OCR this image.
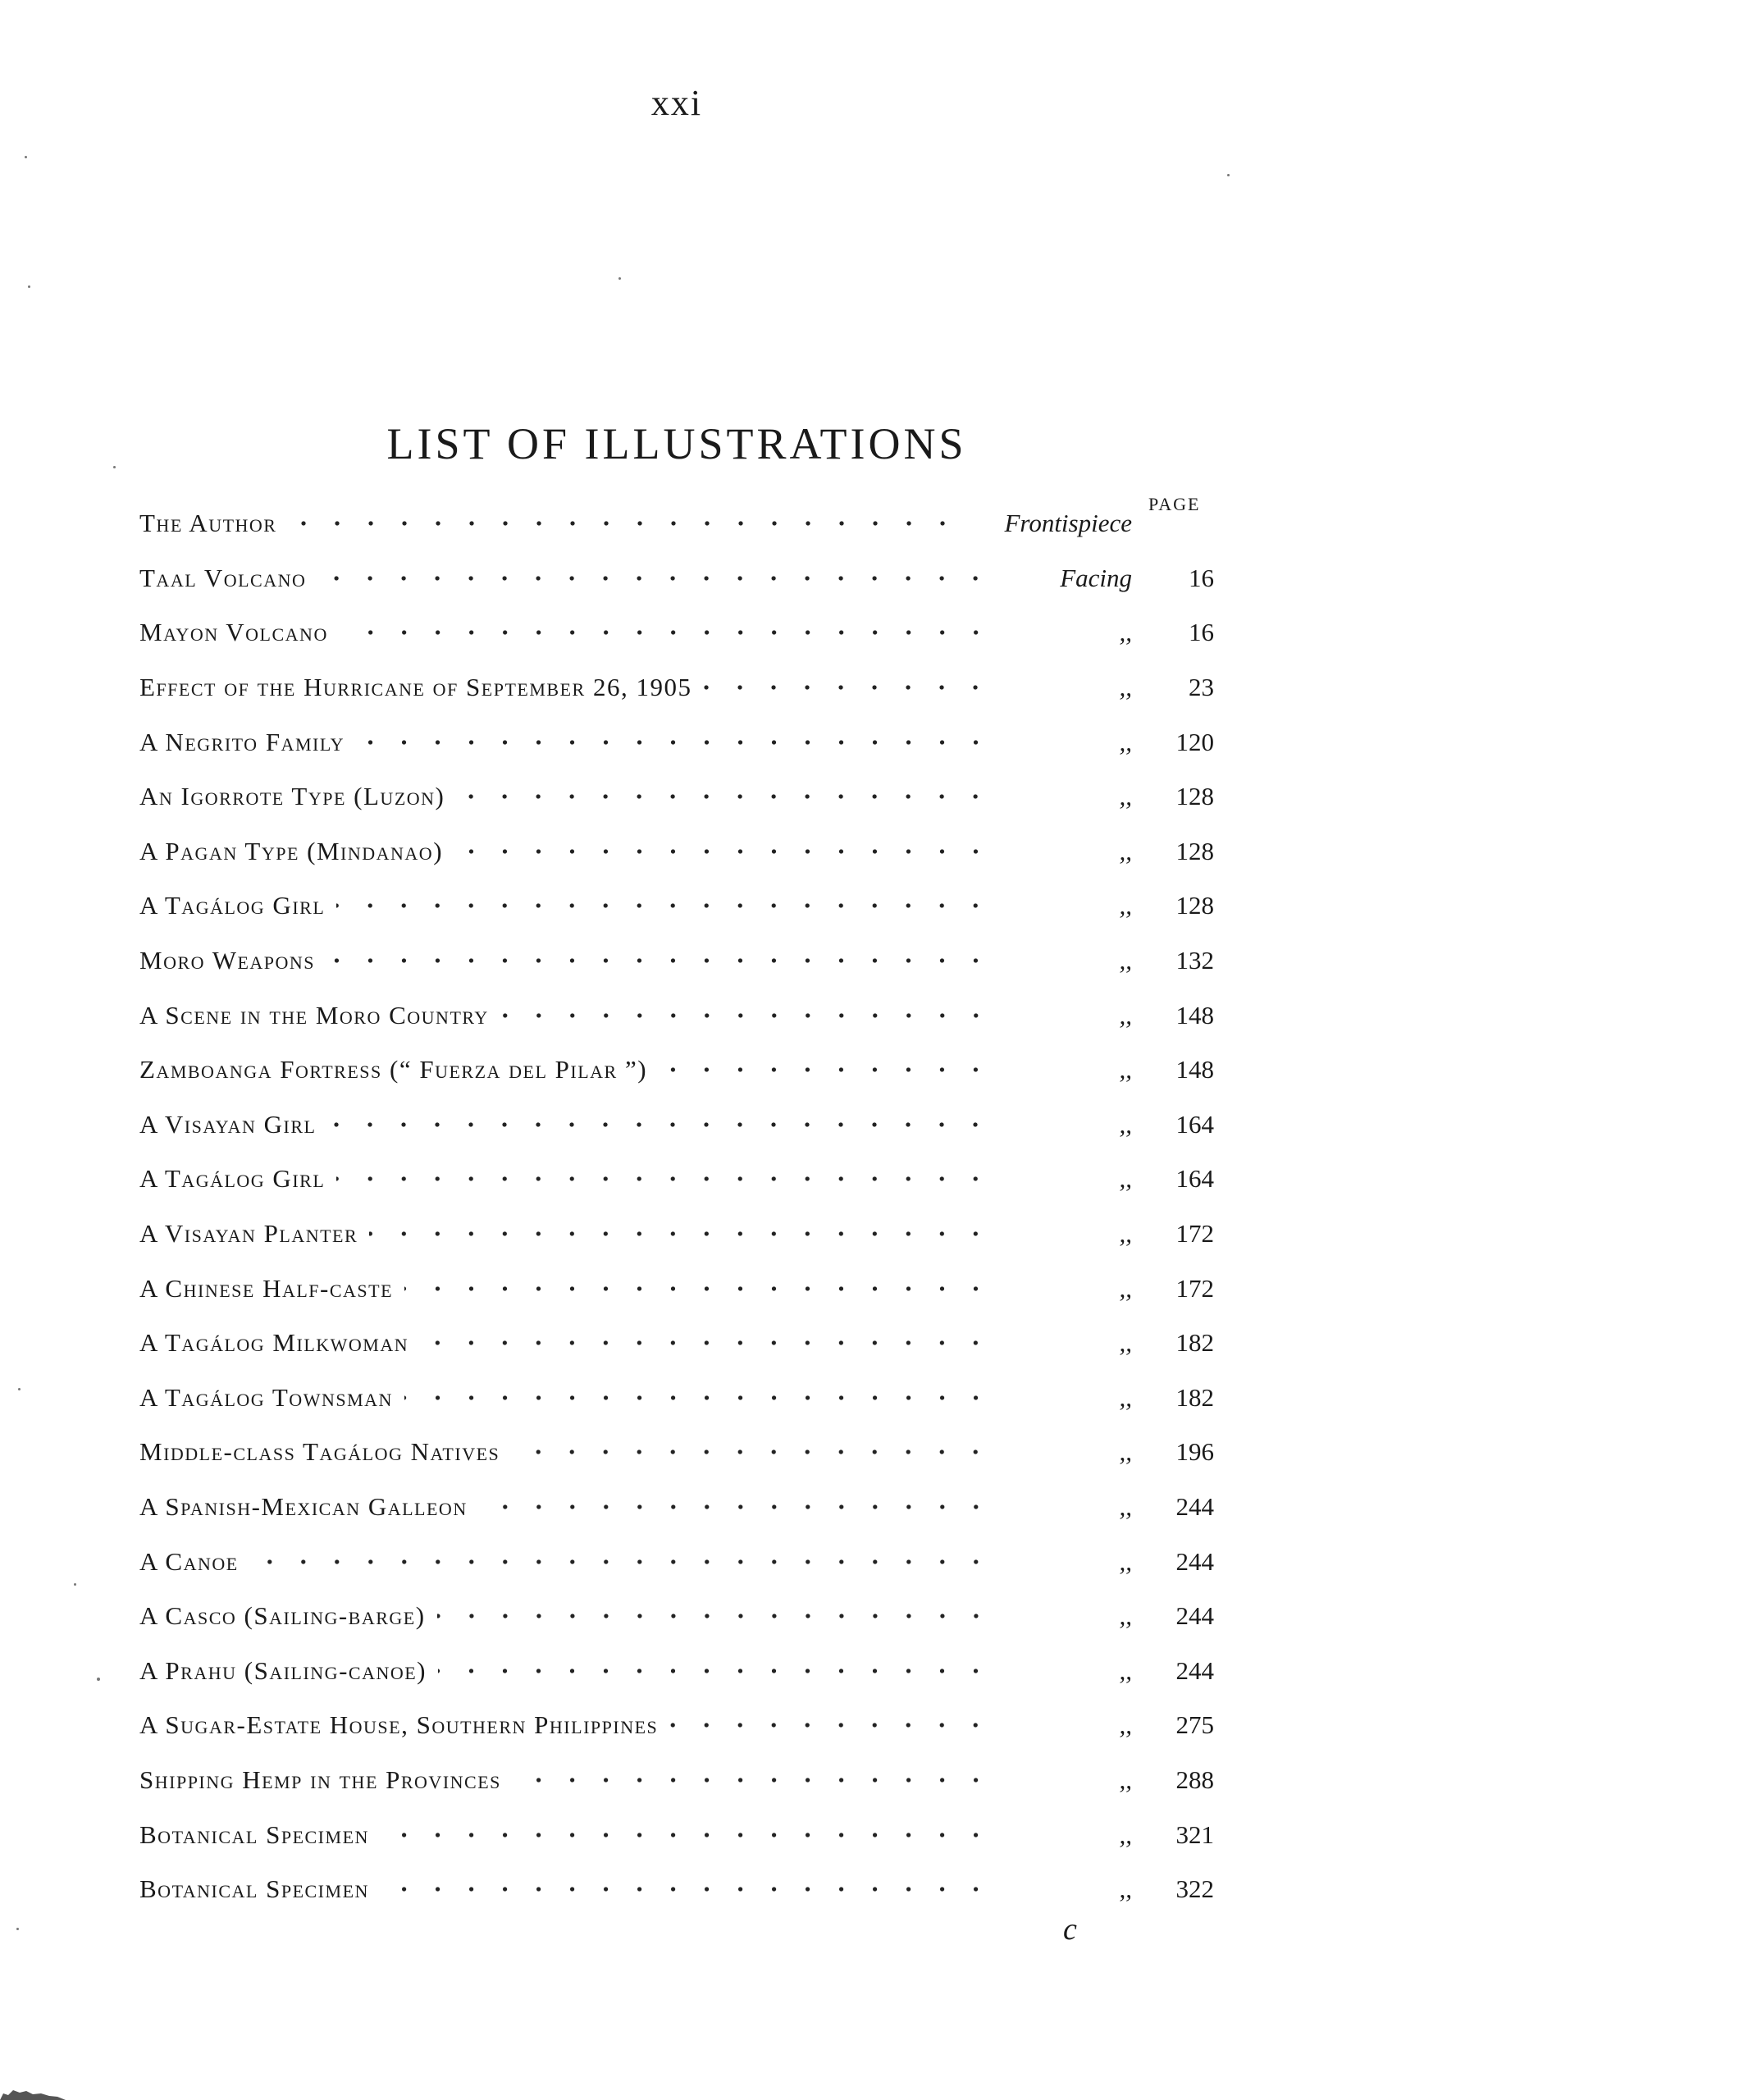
xxi
LIST OF ILLUSTRATIONS
PAGE
The Author	Frontispiece
Taal Volcano	Facing	16
Mayon Volcano	,,	16
Effect of the Hurricane of September 26, 1905	,,	23
A Negrito Family	,,	120
An Igorrote Type (Luzon)	,,	128
A Pagan Type (Mindanao)	,,	128
A Tagálog Girl	,,	128
Moro Weapons	,,	132
A Scene in the Moro Country	,,	148
Zamboanga Fortress (“ Fuerza del Pilar ”)	,,	148
A Visayan Girl	,,	164
A Tagálog Girl	,,	164
A Visayan Planter	,,	172
A Chinese Half-caste	,,	172
A Tagálog Milkwoman	,,	182
A Tagálog Townsman	,,	182
Middle-class Tagálog Natives	,,	196
A Spanish-Mexican Galleon	,,	244
A Canoe	,,	244
A Casco (Sailing-barge)	,,	244
A Prahu (Sailing-canoe)	,,	244
A Sugar-Estate House, Southern Philippines	,,	275
Shipping Hemp in the Provinces	,,	288
Botanical Specimen	,,	321
Botanical Specimen	,,	322
c
